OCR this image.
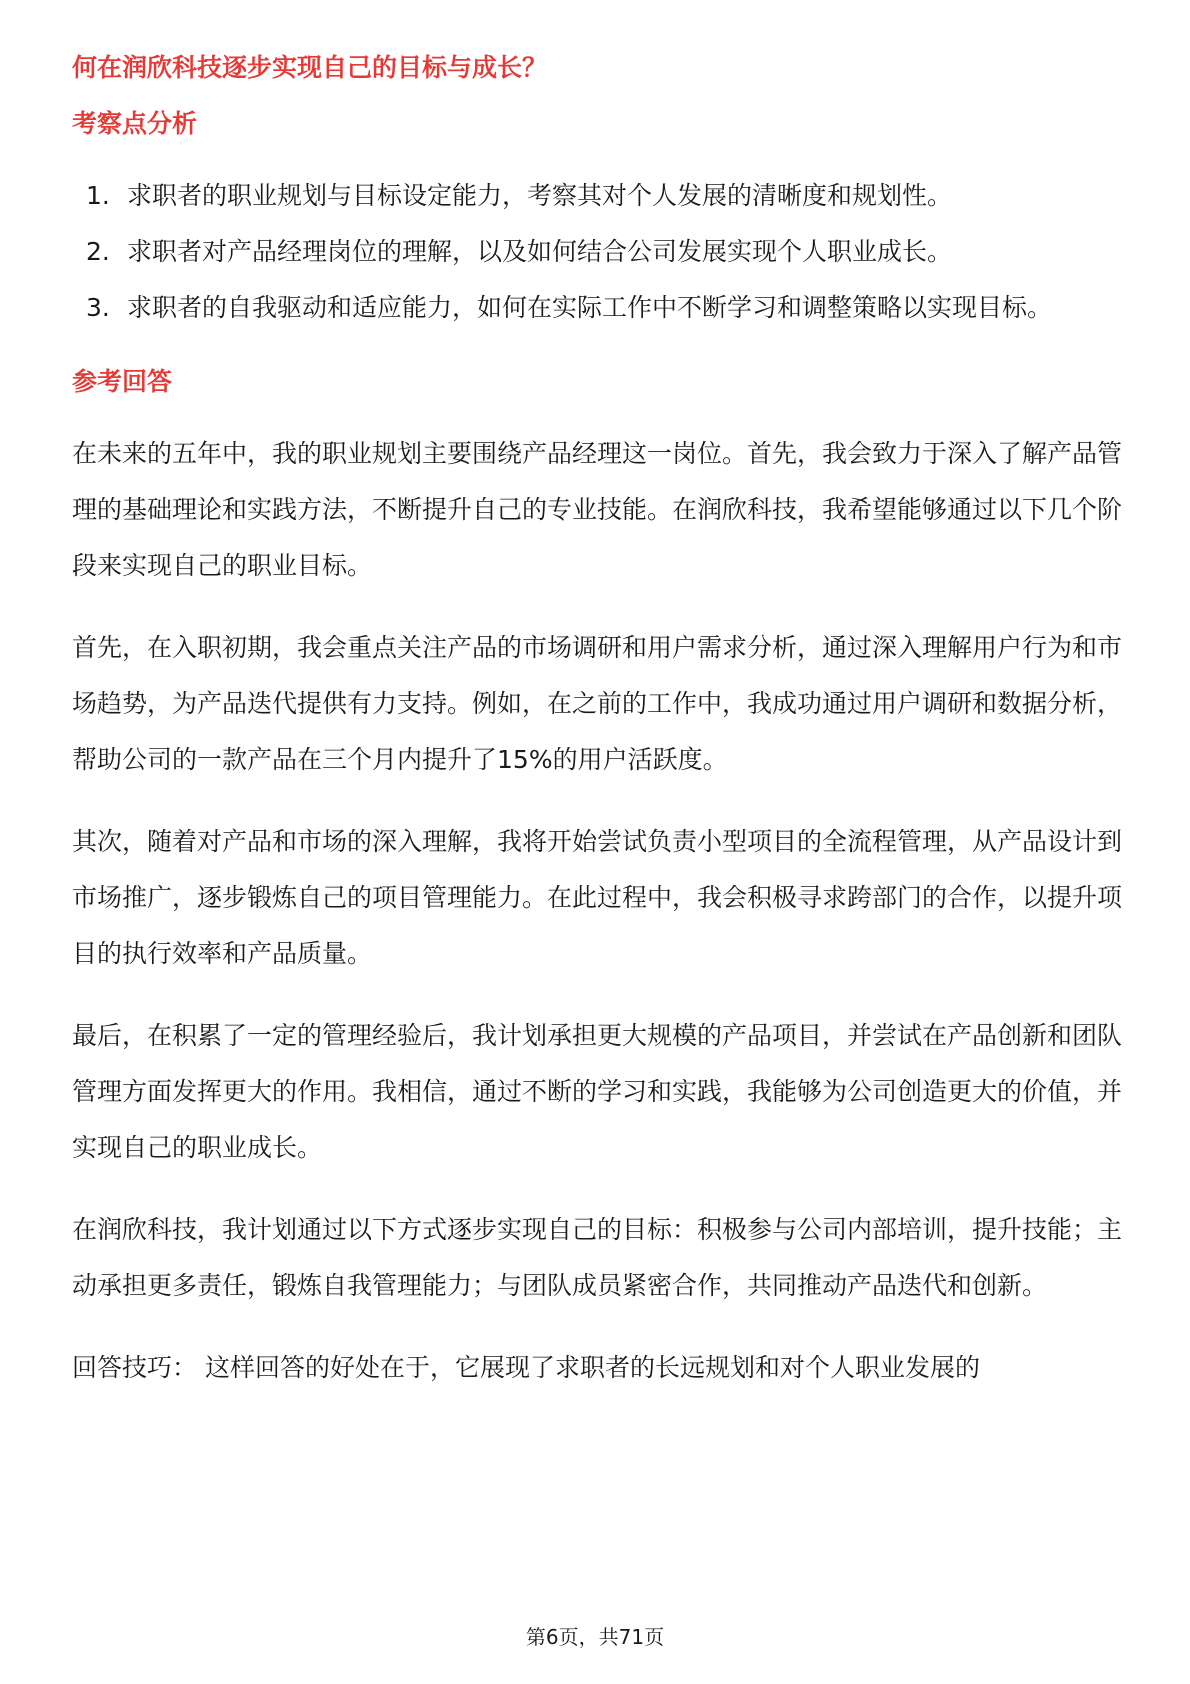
何在润欣科技逐步实现自己的目标与成长？
考察点分析
1. 求职者的职业规划与目标设定能力，考察其对个人发展的清晰度和规划性。
2. 求职者对产品经理岗位的理解，以及如何结合公司发展实现个人职业成长。
3. 求职者的自我驱动和适应能力，如何在实际工作中不断学习和调整策略以实现目标。
参考回答

在未来的五年中，我的职业规划主要围绕产品经理这一岗位。首先，我会致力于深入了解产品管理的基础理论和实践方法，不断提升自己的专业技能。在润欣科技，我希望能够通过以下几个阶段来实现自己的职业目标。

首先，在入职初期，我会重点关注产品的市场调研和用户需求分析，通过深入理解用户行为和市场趋势，为产品迭代提供有力支持。例如，在之前的工作中，我成功通过用户调研和数据分析，帮助公司的一款产品在三个月内提升了15%的用户活跃度。

其次，随着对产品和市场的深入理解，我将开始尝试负责小型项目的全流程管理，从产品设计到市场推广，逐步锻炼自己的项目管理能力。在此过程中，我会积极寻求跨部门的合作，以提升项目的执行效率和产品质量。

最后，在积累了一定的管理经验后，我计划承担更大规模的产品项目，并尝试在产品创新和团队管理方面发挥更大的作用。我相信，通过不断的学习和实践，我能够为公司创造更大的价值，并实现自己的职业成长。

在润欣科技，我计划通过以下方式逐步实现自己的目标：积极参与公司内部培训，提升技能；主动承担更多责任，锻炼自我管理能力；与团队成员紧密合作，共同推动产品迭代和创新。

回答技巧： 这样回答的好处在于，它展现了求职者的长远规划和对个人职业发展的

第6页，共71页
